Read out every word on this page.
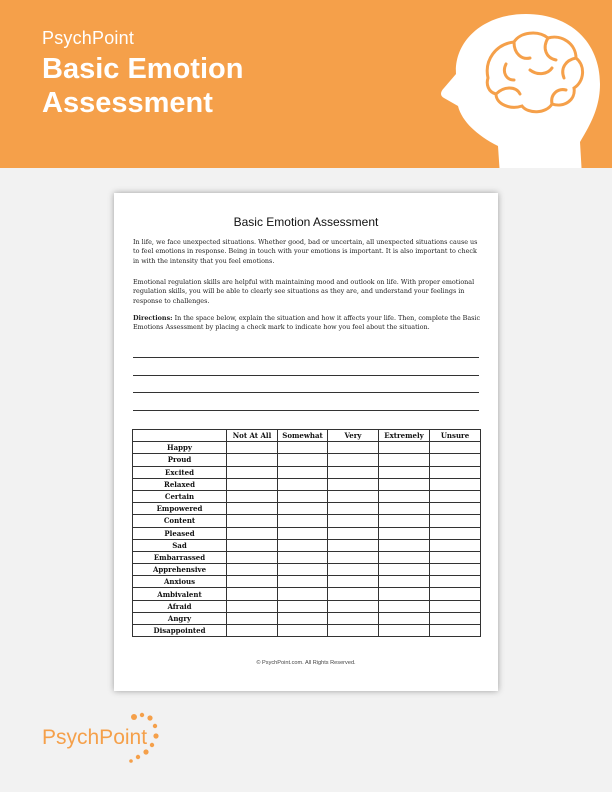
PsychPoint
Basic Emotion
Assessment
Basic Emotion Assessment

In life, we face unexpected situations. Whether good, bad or uncertain, all unexpected situations cause us to feel emotions in response. Being in touch with your emotions is important. It is also important to check in with the intensity that you feel emotions.

Emotional regulation skills are helpful with maintaining mood and outlook on life. With proper emotional regulation skills, you will be able to clearly see situations as they are, and understand your feelings in response to challenges.

Directions: In the space below, explain the situation and how it affects your life. Then, complete the Basic Emotions Assessment by placing a check mark to indicate how you feel about the situation.

	Not At All	Somewhat	Very	Extremely	Unsure
Happy					
Proud					
Excited					
Relaxed					
Certain					
Empowered					
Content					
Pleased					
Sad					
Embarrassed					
Apprehensive					
Anxious					
Ambivalent					
Afraid					
Angry					
Disappointed					
© PsychPoint.com. All Rights Reserved.
PsychPoint
